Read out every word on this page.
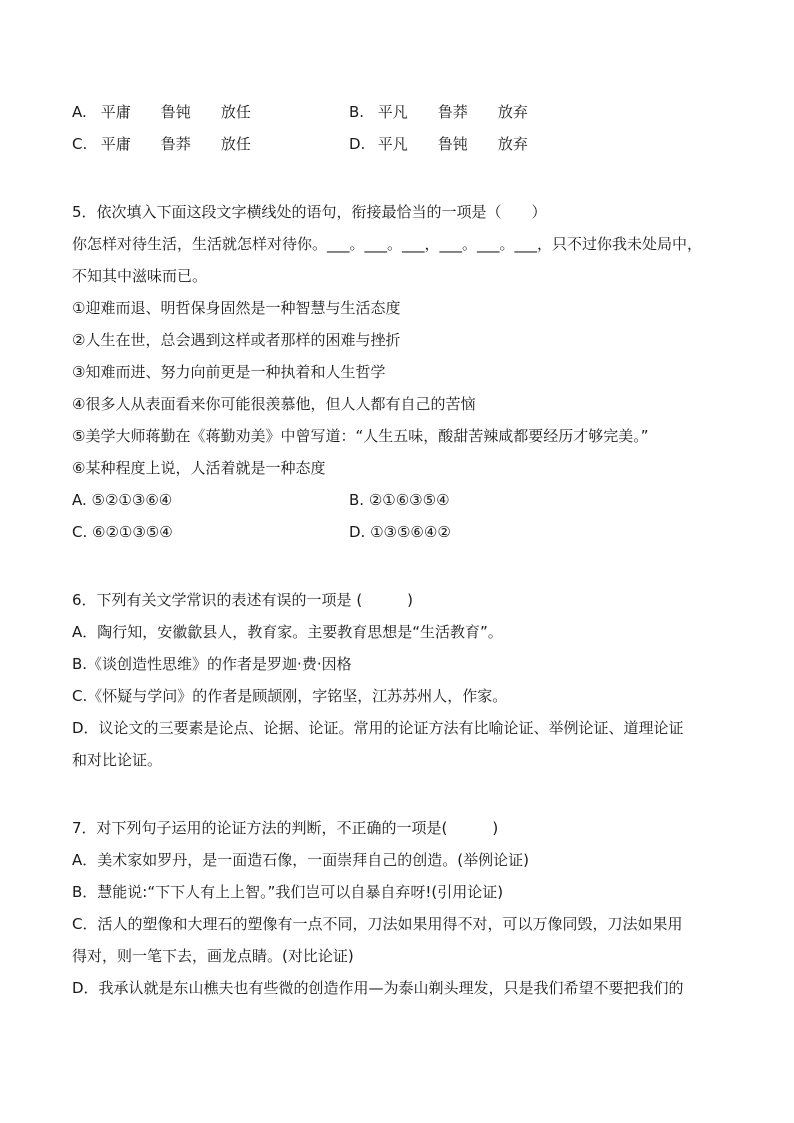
A. 平庸 鲁钝 放任	B. 平凡 鲁莽 放弃
C. 平庸 鲁莽 放任	D. 平凡 鲁钝 放弃
5．依次填入下面这段文字横线处的语句，衔接最恰当的一项是（　　）
你怎样对待生活，生活就怎样对待你。___。___。___，___。___。___，只不过你我未处局中，
不知其中滋味而已。
①迎难而退、明哲保身固然是一种智慧与生活态度
②人生在世，总会遇到这样或者那样的困难与挫折
③知难而进、努力向前更是一种执着和人生哲学
④很多人从表面看来你可能很羡慕他，但人人都有自己的苦恼
⑤美学大师蒋勤在《蒋勤劝美》中曾写道：“人生五味，酸甜苦辣咸都要经历才够完美。”
⑥某种程度上说，人活着就是一种态度
A. ⑤②①③⑥④	B. ②①⑥③⑤④
C. ⑥②①③⑤④	D. ①③⑤⑥④②
6．下列有关文学常识的表述有误的一项是 (　　　)
A．陶行知，安徽歙县人，教育家。主要教育思想是“生活教育”。
B.《谈创造性思维》的作者是罗迦·费·因格
C.《怀疑与学问》的作者是顾颉刚，字铭坚，江苏苏州人，作家。
D．议论文的三要素是论点、论据、论证。常用的论证方法有比喻论证、举例论证、道理论证
和对比论证。
7．对下列句子运用的论证方法的判断，不正确的一项是(　　　)
A．美术家如罗丹，是一面造石像，一面崇拜自己的创造。(举例论证)
B．慧能说:“下下人有上上智。”我们岂可以自暴自弃呀!(引用论证)
C．活人的塑像和大理石的塑像有一点不同，刀法如果用得不对，可以万像同毁，刀法如果用
得对，则一笔下去，画龙点睛。(对比论证)
D．我承认就是东山樵夫也有些微的创造作用—为泰山剃头理发，只是我们希望不要把我们的
